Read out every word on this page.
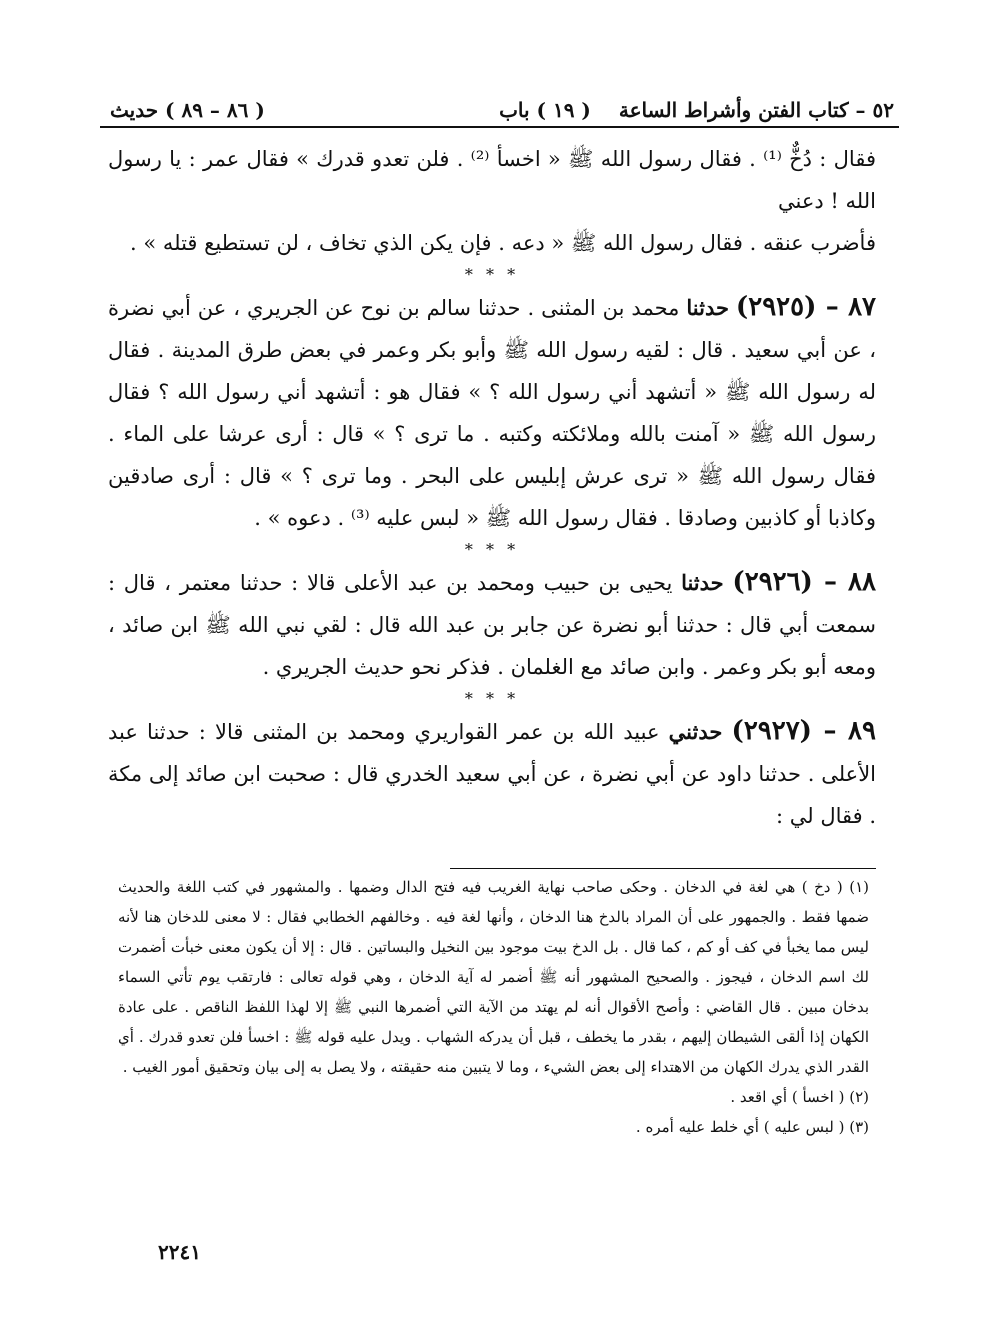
٥٢ – كتاب الفتن وأشراط الساعة
( ١٩ ) باب
( ٨٦ – ٨٩ ) حديث

فقال : دُخٌّ ⁽¹⁾ . فقال رسول الله ﷺ « اخسأ ⁽²⁾ . فلن تعدو قدرك » فقال عمر : يا رسول الله ! دعني

فأضرب عنقه . فقال رسول الله ﷺ « دعه . فإن يكن الذي تخاف ، لن تستطيع قتله » .

* * *

٨٧ – (٢٩٢٥) حدثنا محمد بن المثنى . حدثنا سالم بن نوح عن الجريري ، عن أبي نضرة ، عن أبي سعيد . قال : لقيه رسول الله ﷺ وأبو بكر وعمر في بعض طرق المدينة . فقال له رسول الله ﷺ « أتشهد أني رسول الله ؟ » فقال هو : أتشهد أني رسول الله ؟ فقال رسول الله ﷺ « آمنت بالله وملائكته وكتبه . ما ترى ؟ » قال : أرى عرشا على الماء . فقال رسول الله ﷺ « ترى عرش إبليس على البحر . وما ترى ؟ » قال : أرى صادقين وكاذبا أو كاذبين وصادقا . فقال رسول الله ﷺ « لبس عليه ⁽³⁾ . دعوه » .

* * *

٨٨ – (٢٩٢٦) حدثنا يحيى بن حبيب ومحمد بن عبد الأعلى قالا : حدثنا معتمر ، قال : سمعت أبي قال : حدثنا أبو نضرة عن جابر بن عبد الله قال : لقي نبي الله ﷺ ابن صائد ، ومعه أبو بكر وعمر . وابن صائد مع الغلمان . فذكر نحو حديث الجريري .

* * *

٨٩ – (٢٩٢٧) حدثني عبيد الله بن عمر القواريري ومحمد بن المثنى قالا : حدثنا عبد الأعلى . حدثنا داود عن أبي نضرة ، عن أبي سعيد الخدري قال : صحبت ابن صائد إلى مكة . فقال لي :

(١) ( دخ ) هي لغة في الدخان . وحكى صاحب نهاية الغريب فيه فتح الدال وضمها . والمشهور في كتب اللغة والحديث ضمها فقط . والجمهور على أن المراد بالدخ هنا الدخان ، وأنها لغة فيه . وخالفهم الخطابي فقال : لا معنى للدخان هنا لأنه ليس مما يخبأ في كف أو كم ، كما قال . بل الدخ بيت موجود بين النخيل والبساتين . قال : إلا أن يكون معنى خبأت أضمرت لك اسم الدخان ، فيجوز . والصحيح المشهور أنه ﷺ أضمر له آية الدخان ، وهي قوله تعالى : فارتقب يوم تأتي السماء بدخان مبين . قال القاضي : وأصح الأقوال أنه لم يهتد من الآية التي أضمرها النبي ﷺ إلا لهذا اللفظ الناقص . على عادة الكهان إذا ألقى الشيطان إليهم ، بقدر ما يخطف ، قبل أن يدركه الشهاب . ويدل عليه قوله ﷺ : اخسأ فلن تعدو قدرك . أي القدر الذي يدرك الكهان من الاهتداء إلى بعض الشيء ، وما لا يتبين منه حقيقته ، ولا يصل به إلى بيان وتحقيق أمور الغيب .

(٢) ( اخسأ ) أي اقعد .

(٣) ( لبس عليه ) أي خلط عليه أمره .

٢٢٤١
